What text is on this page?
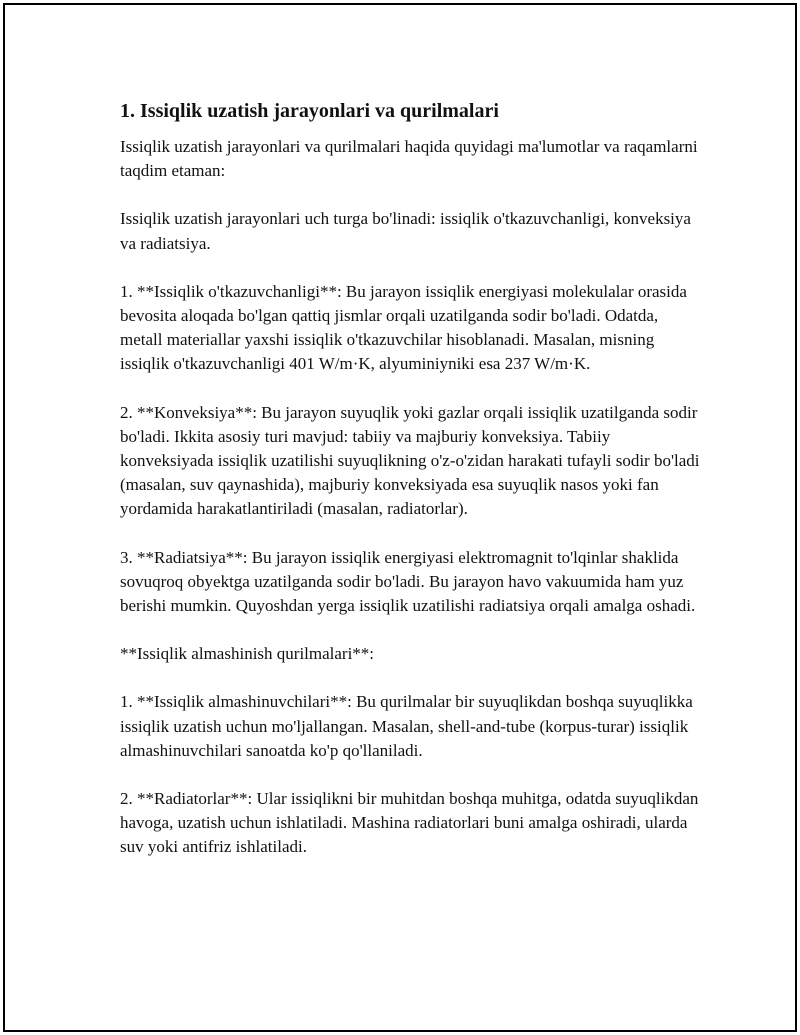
1. Issiqlik uzatish jarayonlari va qurilmalari

Issiqlik uzatish jarayonlari va qurilmalari haqida quyidagi ma'lumotlar va raqamlarni taqdim etaman:

Issiqlik uzatish jarayonlari uch turga bo'linadi: issiqlik o'tkazuvchanligi, konveksiya va radiatsiya.

1. **Issiqlik o'tkazuvchanligi**: Bu jarayon issiqlik energiyasi molekulalar orasida bevosita aloqada bo'lgan qattiq jismlar orqali uzatilganda sodir bo'ladi. Odatda, metall materiallar yaxshi issiqlik o'tkazuvchilar hisoblanadi. Masalan, misning issiqlik o'tkazuvchanligi 401 W/m·K, alyuminiyniki esa 237 W/m·K.

2. **Konveksiya**: Bu jarayon suyuqlik yoki gazlar orqali issiqlik uzatilganda sodir bo'ladi. Ikkita asosiy turi mavjud: tabiiy va majburiy konveksiya. Tabiiy konveksiyada issiqlik uzatilishi suyuqlikning o'z-o'zidan harakati tufayli sodir bo'ladi (masalan, suv qaynashida), majburiy konveksiyada esa suyuqlik nasos yoki fan yordamida harakatlantiriladi (masalan, radiatorlar).

3. **Radiatsiya**: Bu jarayon issiqlik energiyasi elektromagnit to'lqinlar shaklida sovuqroq obyektga uzatilganda sodir bo'ladi. Bu jarayon havo vakuumida ham yuz berishi mumkin. Quyoshdan yerga issiqlik uzatilishi radiatsiya orqali amalga oshadi.

**Issiqlik almashinish qurilmalari**:

1. **Issiqlik almashinuvchilari**: Bu qurilmalar bir suyuqlikdan boshqa suyuqlikka issiqlik uzatish uchun mo'ljallangan. Masalan, shell-and-tube (korpus-turar) issiqlik almashinuvchilari sanoatda ko'p qo'llaniladi.

2. **Radiatorlar**: Ular issiqlikni bir muhitdan boshqa muhitga, odatda suyuqlikdan havoga, uzatish uchun ishlatiladi. Mashina radiatorlari buni amalga oshiradi, ularda suv yoki antifriz ishlatiladi.
